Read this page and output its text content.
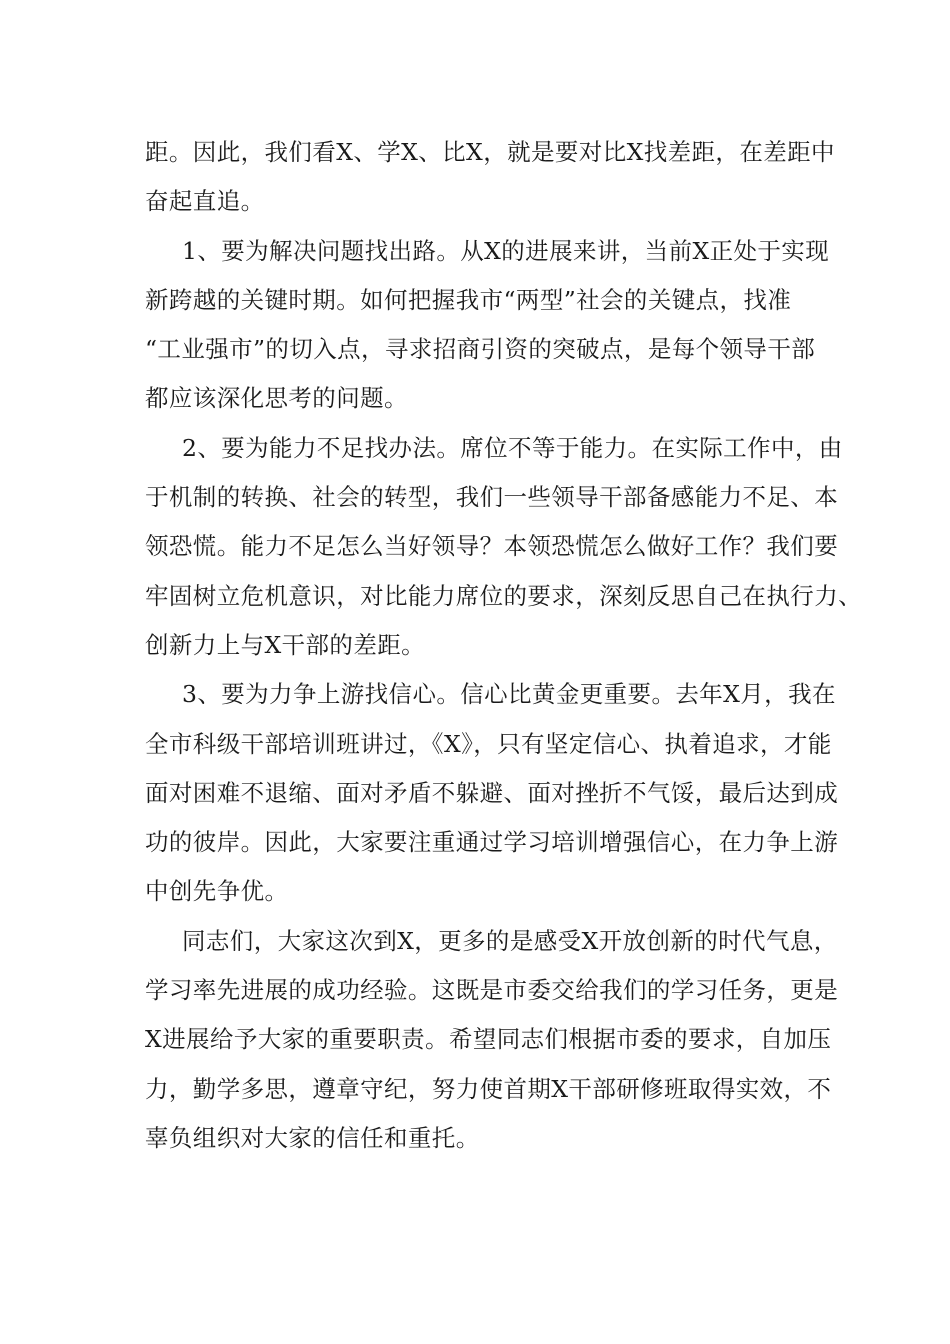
距。因此，我们看X、学X、比X，就是要对比X找差距，在差距中
奋起直追。
1、要为解决问题找出路。从X的进展来讲，当前X正处于实现
新跨越的关键时期。如何把握我市“两型”社会的关键点，找准
“工业强市”的切入点，寻求招商引资的突破点，是每个领导干部
都应该深化思考的问题。
2、要为能力不足找办法。席位不等于能力。在实际工作中，由
于机制的转换、社会的转型，我们一些领导干部备感能力不足、本
领恐慌。能力不足怎么当好领导？本领恐慌怎么做好工作？我们要
牢固树立危机意识，对比能力席位的要求，深刻反思自己在执行力、
创新力上与X干部的差距。
3、要为力争上游找信心。信心比黄金更重要。去年X月，我在
全市科级干部培训班讲过，《X》，只有坚定信心、执着追求，才能
面对困难不退缩、面对矛盾不躲避、面对挫折不气馁，最后达到成
功的彼岸。因此，大家要注重通过学习培训增强信心，在力争上游
中创先争优。
同志们，大家这次到X，更多的是感受X开放创新的时代气息，
学习率先进展的成功经验。这既是市委交给我们的学习任务，更是
X进展给予大家的重要职责。希望同志们根据市委的要求，自加压
力，勤学多思，遵章守纪，努力使首期X干部研修班取得实效，不
辜负组织对大家的信任和重托。
